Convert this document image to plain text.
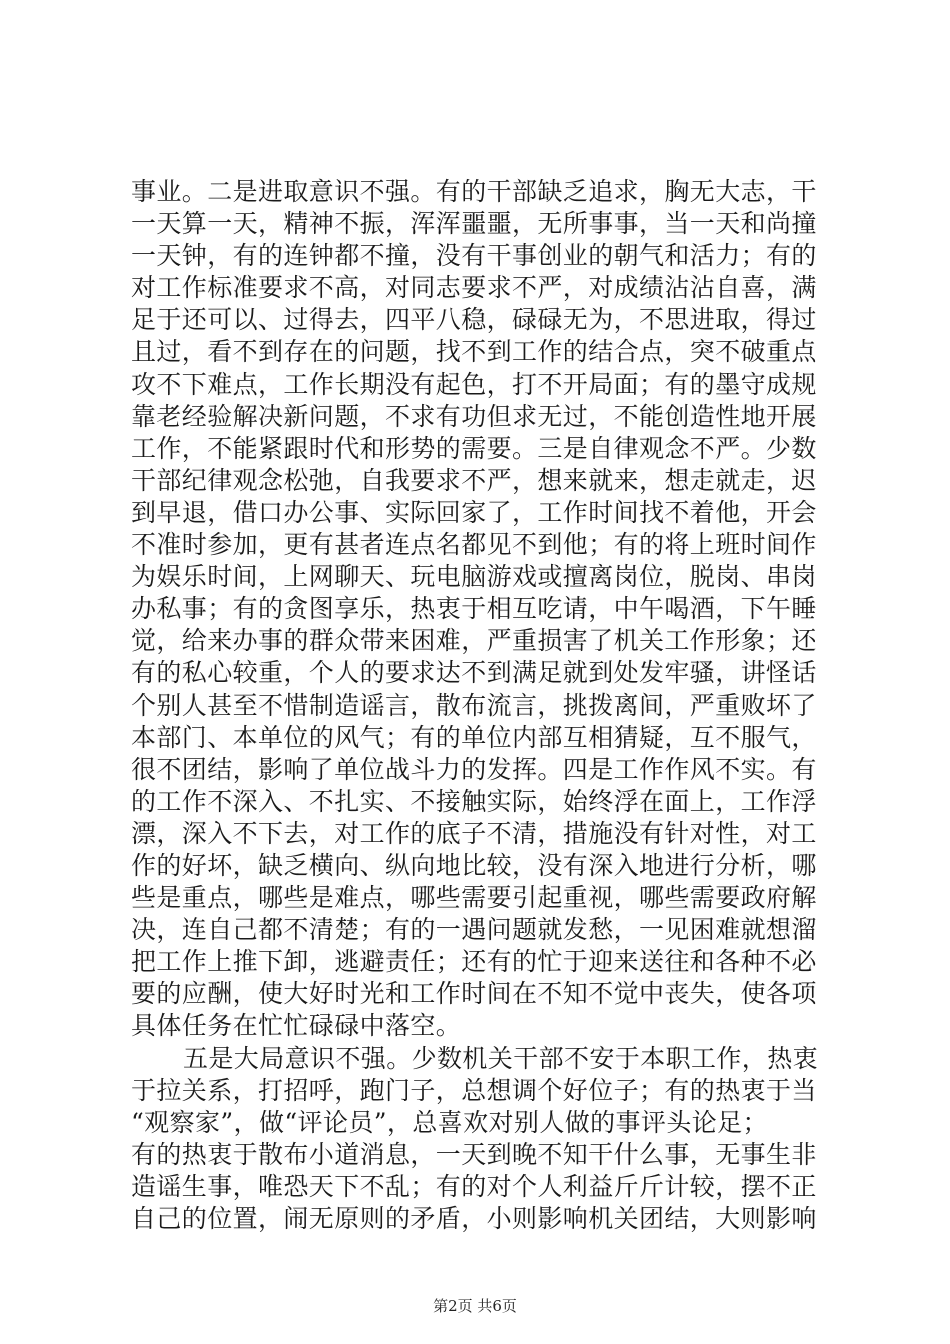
事业。二是进取意识不强。有的干部缺乏追求，胸无大志，干
一天算一天，精神不振，浑浑噩噩，无所事事，当一天和尚撞
一天钟，有的连钟都不撞，没有干事创业的朝气和活力；有的
对工作标准要求不高，对同志要求不严，对成绩沾沾自喜，满
足于还可以、过得去，四平八稳，碌碌无为，不思进取，得过
且过，看不到存在的问题，找不到工作的结合点，突不破重点
攻不下难点，工作长期没有起色，打不开局面；有的墨守成规
靠老经验解决新问题，不求有功但求无过，不能创造性地开展
工作，不能紧跟时代和形势的需要。三是自律观念不严。少数
干部纪律观念松弛，自我要求不严，想来就来，想走就走，迟
到早退，借口办公事、实际回家了，工作时间找不着他，开会
不准时参加，更有甚者连点名都见不到他；有的将上班时间作
为娱乐时间，上网聊天、玩电脑游戏或擅离岗位，脱岗、串岗
办私事；有的贪图享乐，热衷于相互吃请，中午喝酒，下午睡
觉，给来办事的群众带来困难，严重损害了机关工作形象；还
有的私心较重，个人的要求达不到满足就到处发牢骚，讲怪话
个别人甚至不惜制造谣言，散布流言，挑拨离间，严重败坏了
本部门、本单位的风气；有的单位内部互相猜疑，互不服气，
很不团结，影响了单位战斗力的发挥。四是工作作风不实。有
的工作不深入、不扎实、不接触实际，始终浮在面上，工作浮
漂，深入不下去，对工作的底子不清，措施没有针对性，对工
作的好坏，缺乏横向、纵向地比较，没有深入地进行分析，哪
些是重点，哪些是难点，哪些需要引起重视，哪些需要政府解
决，连自己都不清楚；有的一遇问题就发愁，一见困难就想溜
把工作上推下卸，逃避责任；还有的忙于迎来送往和各种不必
要的应酬，使大好时光和工作时间在不知不觉中丧失，使各项
具体任务在忙忙碌碌中落空。
五是大局意识不强。少数机关干部不安于本职工作，热衷
于拉关系，打招呼，跑门子，总想调个好位子；有的热衷于当
“观察家”，做“评论员”，总喜欢对别人做的事评头论足；
有的热衷于散布小道消息，一天到晚不知干什么事，无事生非
造谣生事，唯恐天下不乱；有的对个人利益斤斤计较，摆不正
自己的位置，闹无原则的矛盾，小则影响机关团结，大则影响
第2页 共6页
